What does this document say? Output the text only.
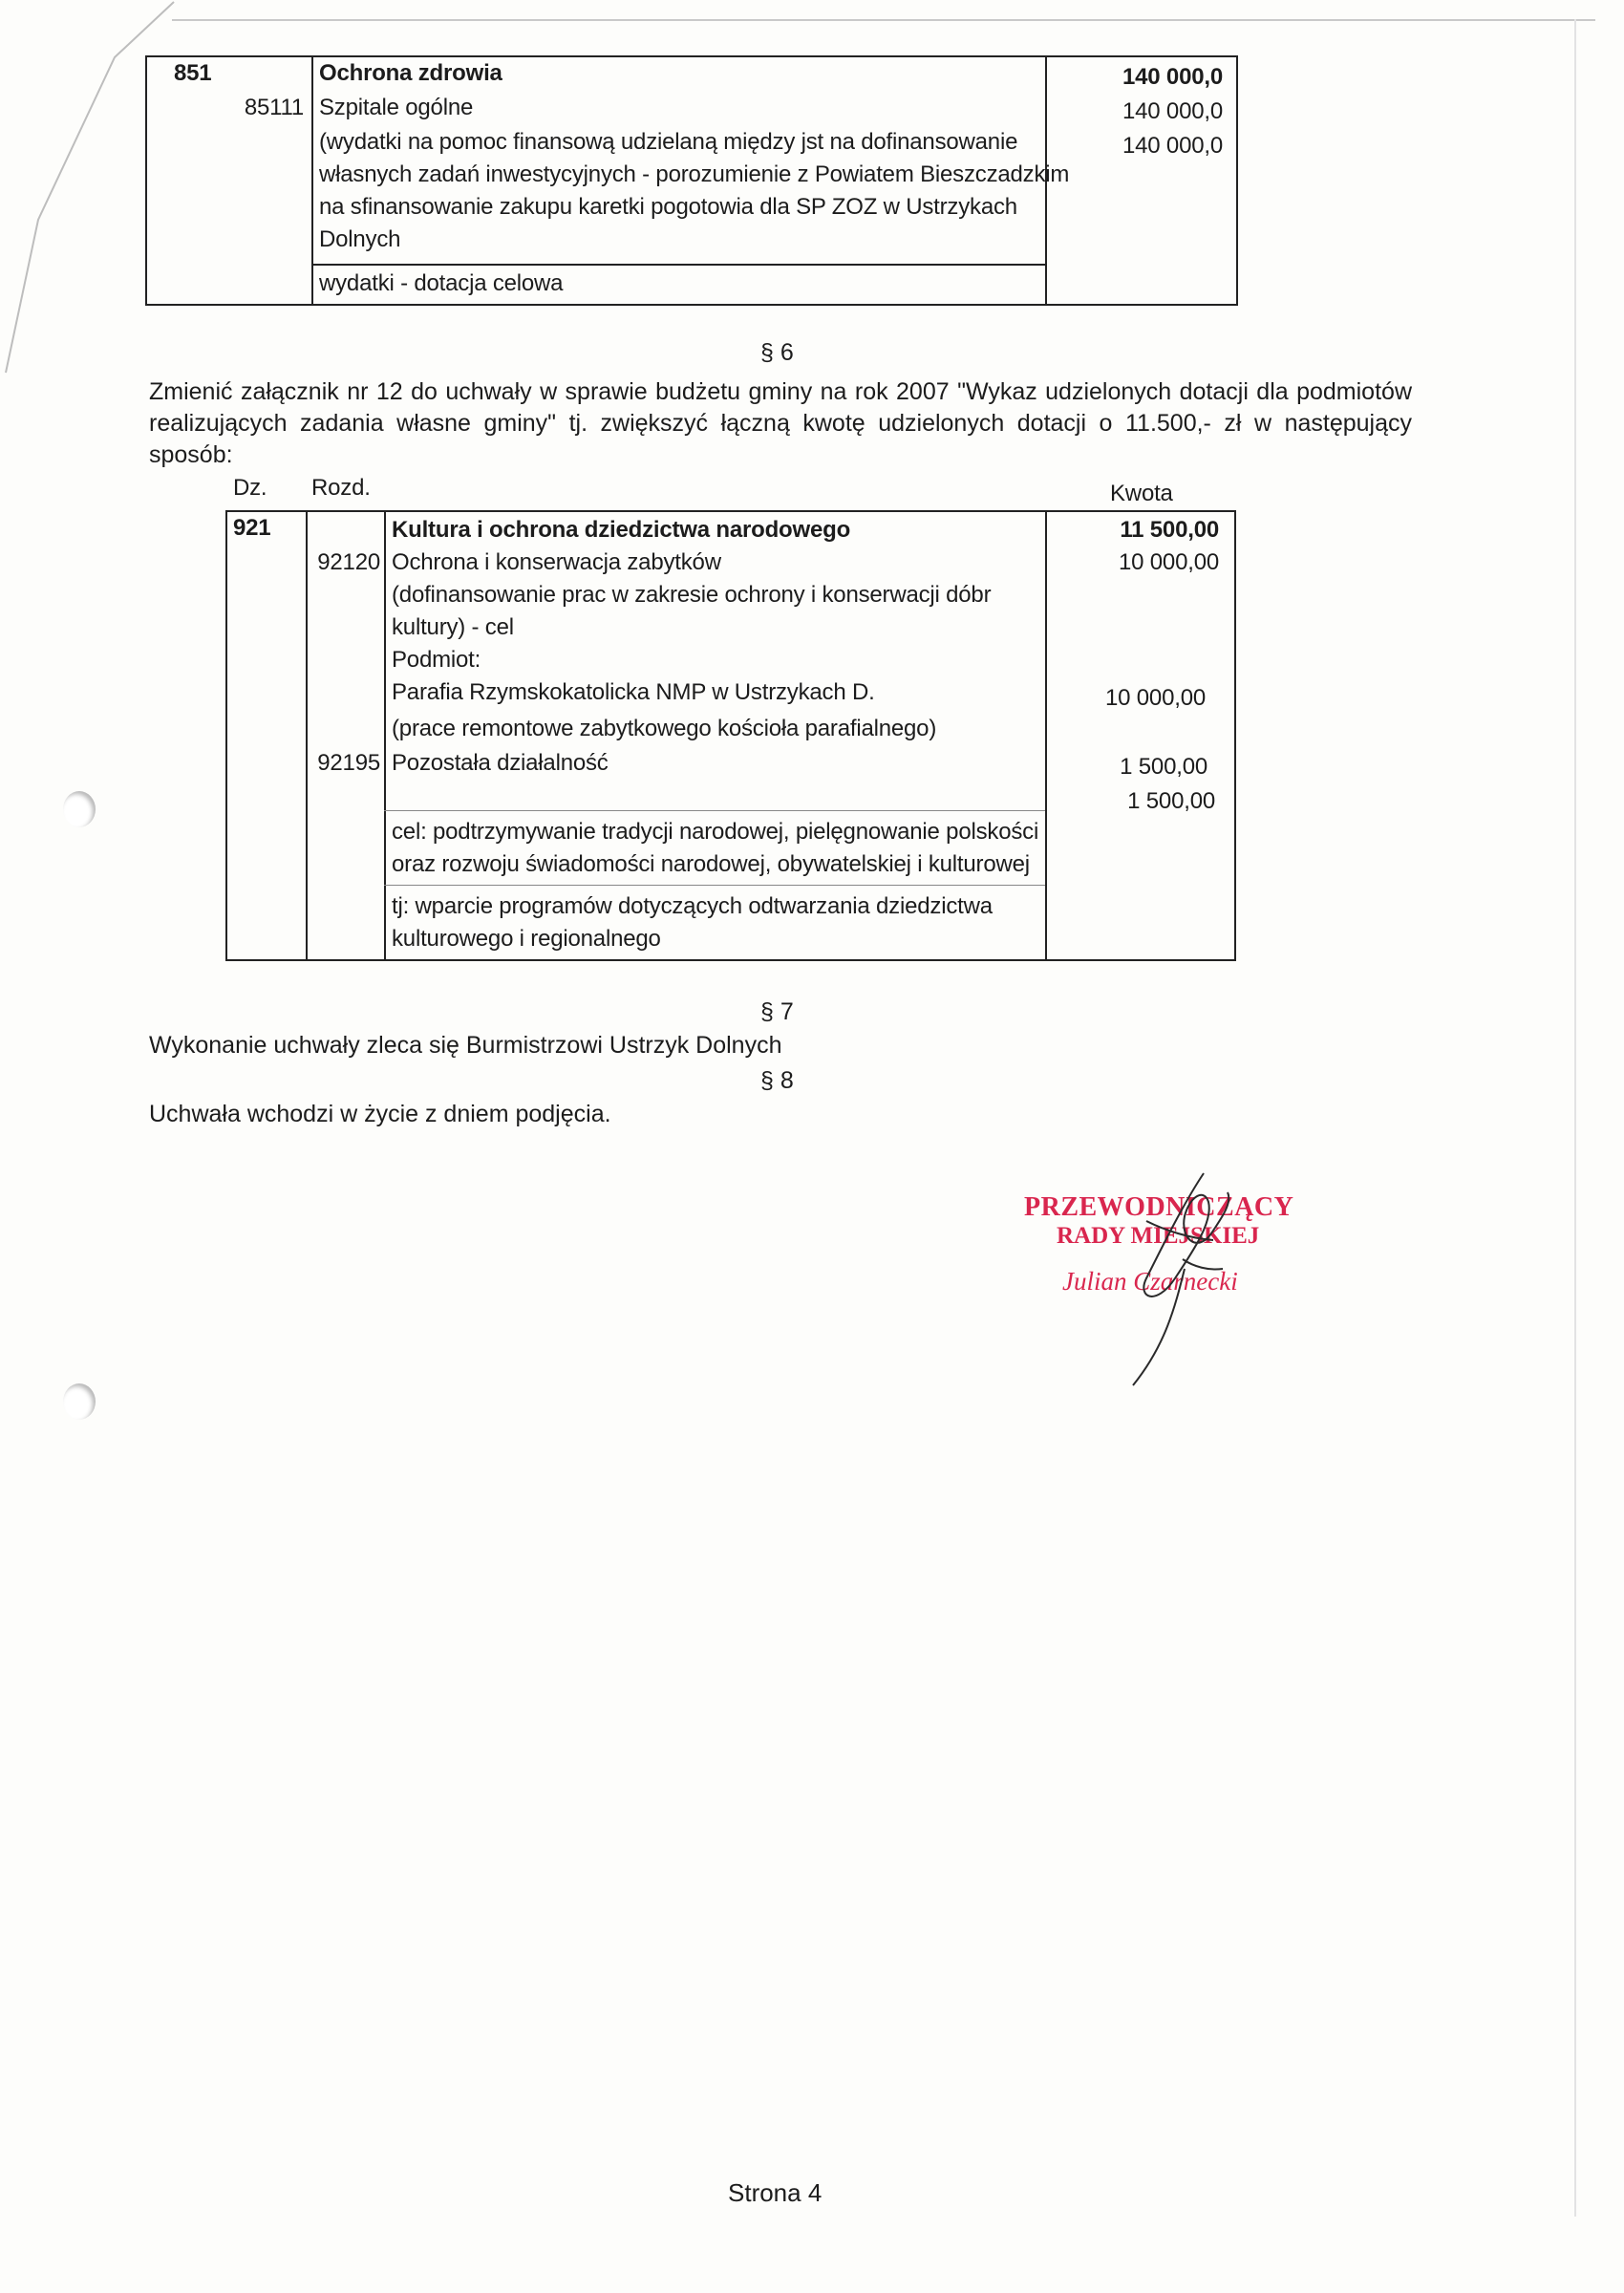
851	Ochrona zdrowia	140 000,0
85111 Szpitale ogólne	140 000,0
(wydatki na pomoc finansową udzielaną między jst na dofinansowanie	140 000,0
własnych zadań inwestycyjnych - porozumienie z Powiatem Bieszczadzkim
na sfinansowanie zakupu karetki pogotowia dla SP ZOZ w Ustrzykach
Dolnych
wydatki - dotacja celowa
§ 6
Zmienić załącznik nr 12 do uchwały w sprawie budżetu gminy na rok 2007 "Wykaz udzielonych dotacji dla podmiotów realizujących zadania własne gminy" tj. zwiększyć łączną kwotę udzielonych dotacji o 11.500,- zł w następujący sposób:
Dz. Rozd.	Kwota
921	Kultura i ochrona dziedzictwa narodowego	11 500,00
92120 Ochrona i konserwacja zabytków	10 000,00
(dofinansowanie prac w zakresie ochrony i konserwacji dóbr
kultury) - cel
Podmiot:
Parafia Rzymskokatolicka NMP w Ustrzykach D.	10 000,00
(prace remontowe zabytkowego kościoła parafialnego)
92195 Pozostała działalność	1 500,00
1 500,00
cel: podtrzymywanie tradycji narodowej, pielęgnowanie polskości
oraz rozwoju świadomości narodowej, obywatelskiej i kulturowej
tj: wparcie programów dotyczących odtwarzania dziedzictwa
kulturowego i regionalnego
§ 7
Wykonanie uchwały zleca się Burmistrzowi Ustrzyk Dolnych
§ 8
Uchwała wchodzi w życie z dniem podjęcia.
PRZEWODNICZĄCY
RADY MIEJSKIEJ
Julian Czarnecki
Strona 4
